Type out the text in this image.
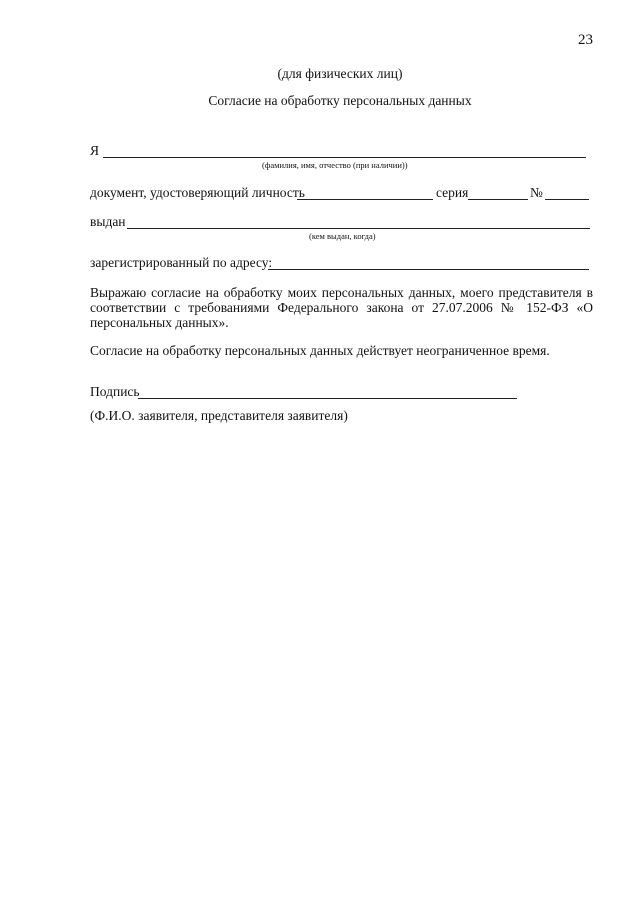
23
(для физических лиц)
Согласие на обработку персональных данных
Я
(фамилия, имя, отчество (при наличии))
документ, удостоверяющий личность	серия	№
выдан
(кем выдан, когда)
зарегистрированный по адресу:
Выражаю согласие на обработку моих персональных данных, моего представителя в соответствии с требованиями Федерального закона от 27.07.2006 № 152-ФЗ «О персональных данных».
Согласие на обработку персональных данных действует неограниченное время.
Подпись
(Ф.И.О. заявителя, представителя заявителя)
